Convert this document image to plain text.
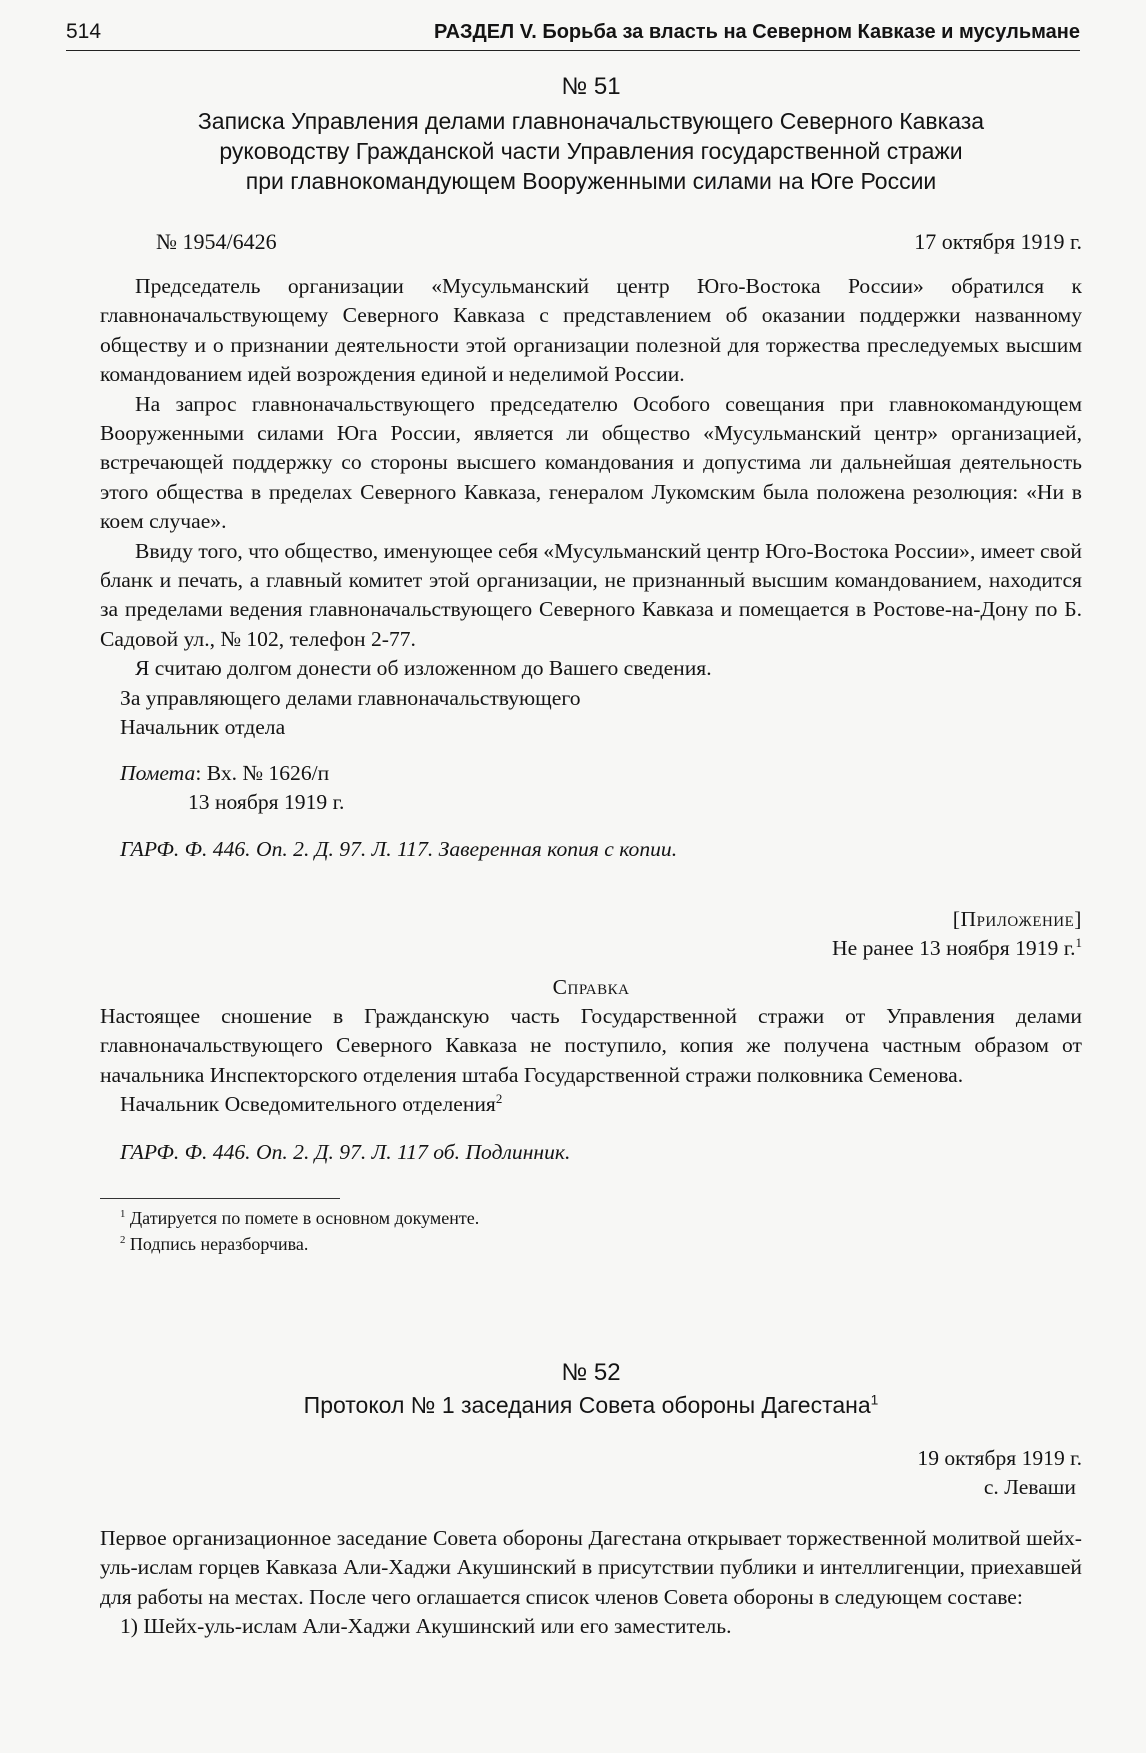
514	РАЗДЕЛ V. Борьба за власть на Северном Кавказе и мусульмане
№ 51
Записка Управления делами главноначальствующего Северного Кавказа
руководству Гражданской части Управления государственной стражи
при главнокомандующем Вооруженными силами на Юге России
№ 1954/6426	17 октября 1919 г.

Председатель организации «Мусульманский центр Юго-Востока России» обратился к главноначальствующему Северного Кавказа с представлением об оказании поддержки названному обществу и о признании деятельности этой организации полезной для торжества преследуемых высшим командованием идей возрождения единой и неделимой России.

На запрос главноначальствующего председателю Особого совещания при главнокомандующем Вооруженными силами Юга России, является ли общество «Мусульманский центр» организацией, встречающей поддержку со стороны высшего командования и допустима ли дальнейшая деятельность этого общества в пределах Северного Кавказа, генералом Лукомским была положена резолюция: «Ни в коем случае».

Ввиду того, что общество, именующее себя «Мусульманский центр Юго-Востока России», имеет свой бланк и печать, а главный комитет этой организации, не признанный высшим командованием, находится за пределами ведения главноначальствующего Северного Кавказа и помещается в Ростове-на-Дону по Б. Садовой ул., № 102, телефон 2-77.

Я считаю долгом донести об изложенном до Вашего сведения.

За управляющего делами главноначальствующего
Начальник отдела
Помета: Вх. № 1626/п
13 ноября 1919 г.
ГАРФ. Ф. 446. Оп. 2. Д. 97. Л. 117. Заверенная копия с копии.
[Приложение]
Не ранее 13 ноября 1919 г.$^1$
Справка

Настоящее сношение в Гражданскую часть Государственной стражи от Управления делами главноначальствующего Северного Кавказа не поступило, копия же получена частным образом от начальника Инспекторского отделения штаба Государственной стражи полковника Семенова.

Начальник Осведомительного отделения$^2$
ГАРФ. Ф. 446. Оп. 2. Д. 97. Л. 117 об. Подлинник.
$^1$ Датируется по помете в основном документе.
$^2$ Подпись неразборчива.
№ 52
Протокол № 1 заседания Совета обороны Дагестана$^1$
19 октября 1919 г.
с. Леваши

Первое организационное заседание Совета обороны Дагестана открывает торжественной молитвой шейх-уль-ислам горцев Кавказа Али-Хаджи Акушинский в присутствии публики и интеллигенции, приехавшей для работы на местах. После чего оглашается список членов Совета обороны в следующем составе:

1) Шейх-уль-ислам Али-Хаджи Акушинский или его заместитель.
